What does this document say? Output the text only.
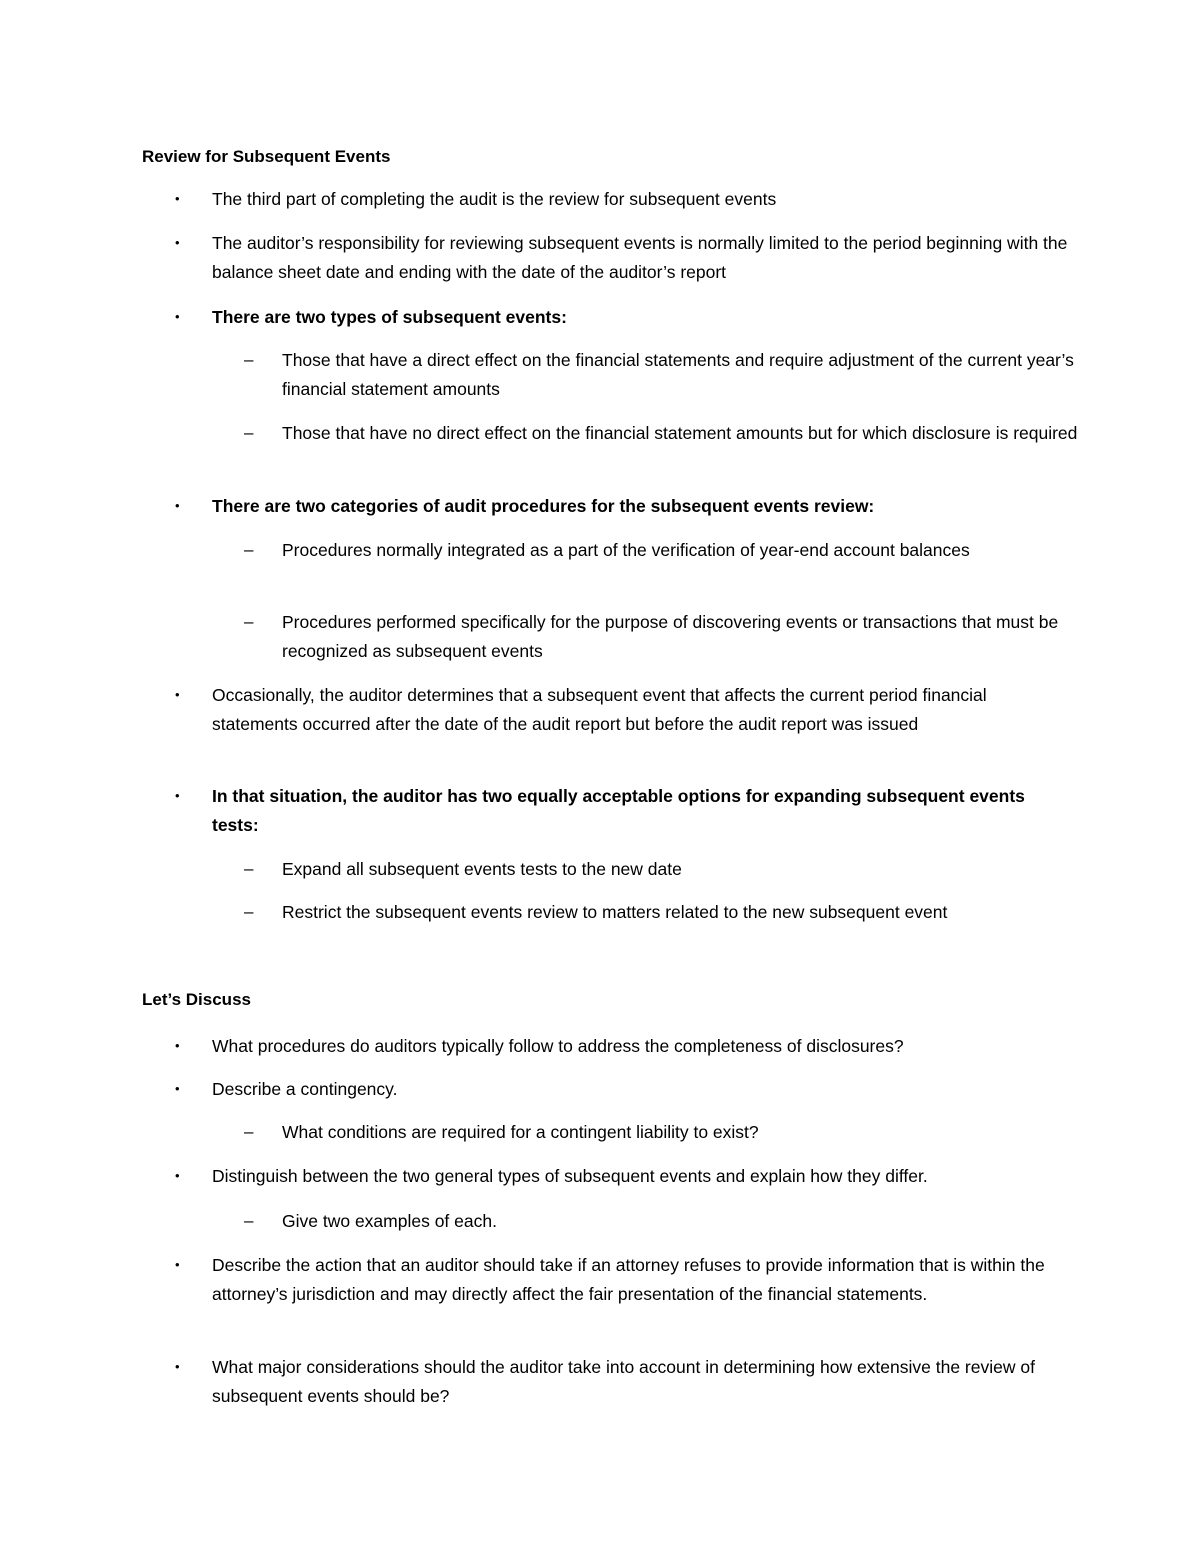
Review for Subsequent Events
• The third part of completing the audit is the review for subsequent events
• The auditor’s responsibility for reviewing subsequent events is normally limited to the period beginning with the balance sheet date and ending with the date of the auditor’s report
• There are two types of subsequent events:
– Those that have a direct effect on the financial statements and require adjustment of the current year’s financial statement amounts
– Those that have no direct effect on the financial statement amounts but for which disclosure is required
• There are two categories of audit procedures for the subsequent events review:
– Procedures normally integrated as a part of the verification of year-end account balances
– Procedures performed specifically for the purpose of discovering events or transactions that must be recognized as subsequent events
• Occasionally, the auditor determines that a subsequent event that affects the current period financial statements occurred after the date of the audit report but before the audit report was issued
• In that situation, the auditor has two equally acceptable options for expanding subsequent events tests:
– Expand all subsequent events tests to the new date
– Restrict the subsequent events review to matters related to the new subsequent event
Let’s Discuss
• What procedures do auditors typically follow to address the completeness of disclosures?
• Describe a contingency.
– What conditions are required for a contingent liability to exist?
• Distinguish between the two general types of subsequent events and explain how they differ.
– Give two examples of each.
• Describe the action that an auditor should take if an attorney refuses to provide information that is within the attorney’s jurisdiction and may directly affect the fair presentation of the financial statements.
• What major considerations should the auditor take into account in determining how extensive the review of subsequent events should be?
